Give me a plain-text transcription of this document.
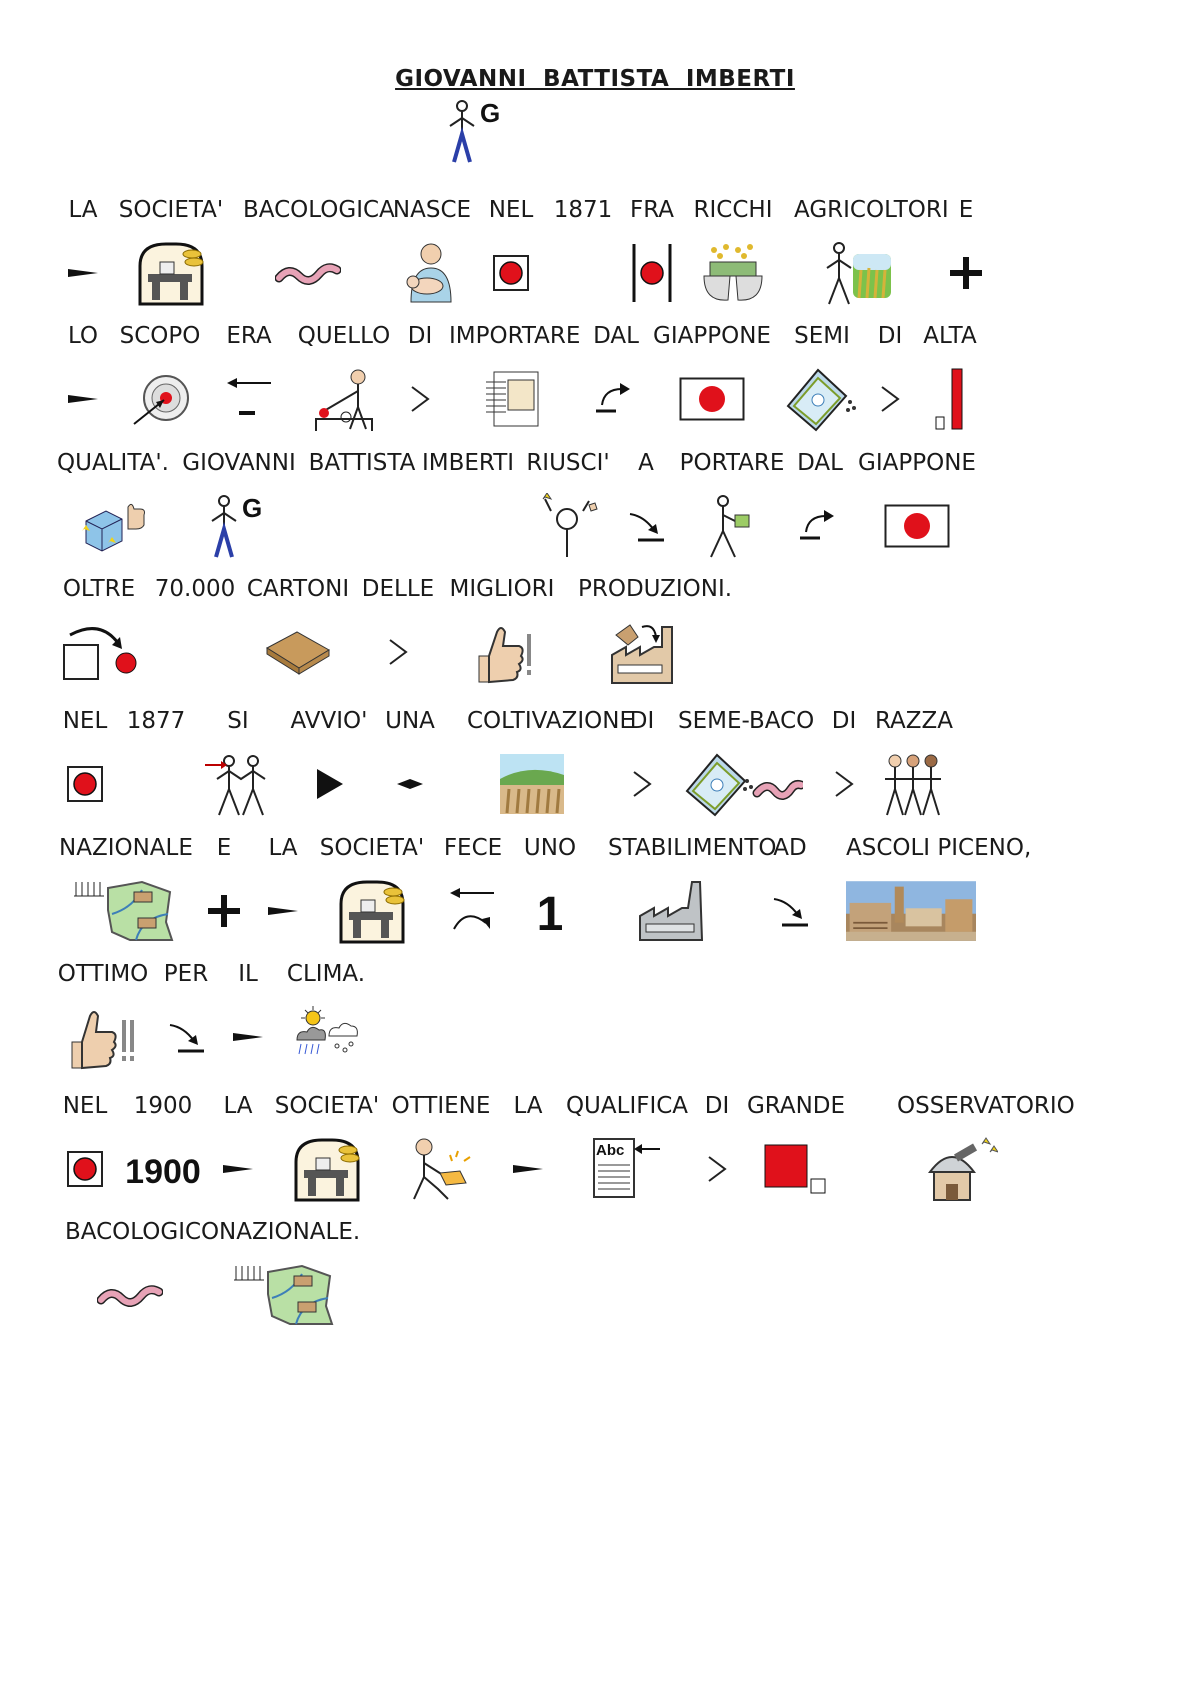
GIOVANNI BATTISTA IMBERTI
G
LA SOCIETA' BACOLOGICA
NASCE NEL 1871 FRA RICCHI AGRICOLTORI E
LO SCOPO	ERA	QUELLO DI IMPORTARE DAL GIAPPONE	SEMI	DI ALTA
QUALITA'. GIOVANNI
G
BATTISTA IMBERTI RIUSCI'	A	PORTARE DAL GIAPPONE
OLTRE 70.000 CARTONI DELLE MIGLIORI	PRODUZIONI.
NEL 1877	SI	AVVIO' UNA	COLTIVAZIONE
DI	SEME-BACO DI RAZZA
NAZIONALE	E	LA SOCIETA' FECE UNO
1
STABILIMENTO
AD	ASCOLI PICENO,
OTTIMO PER	IL	CLIMA.
NEL	1900
1900
LA SOCIETA' OTTIENE	LA	QUALIFICA
Abc
DI GRANDE	OSSERVATORIO
BACOLOGICO NAZIONALE.
